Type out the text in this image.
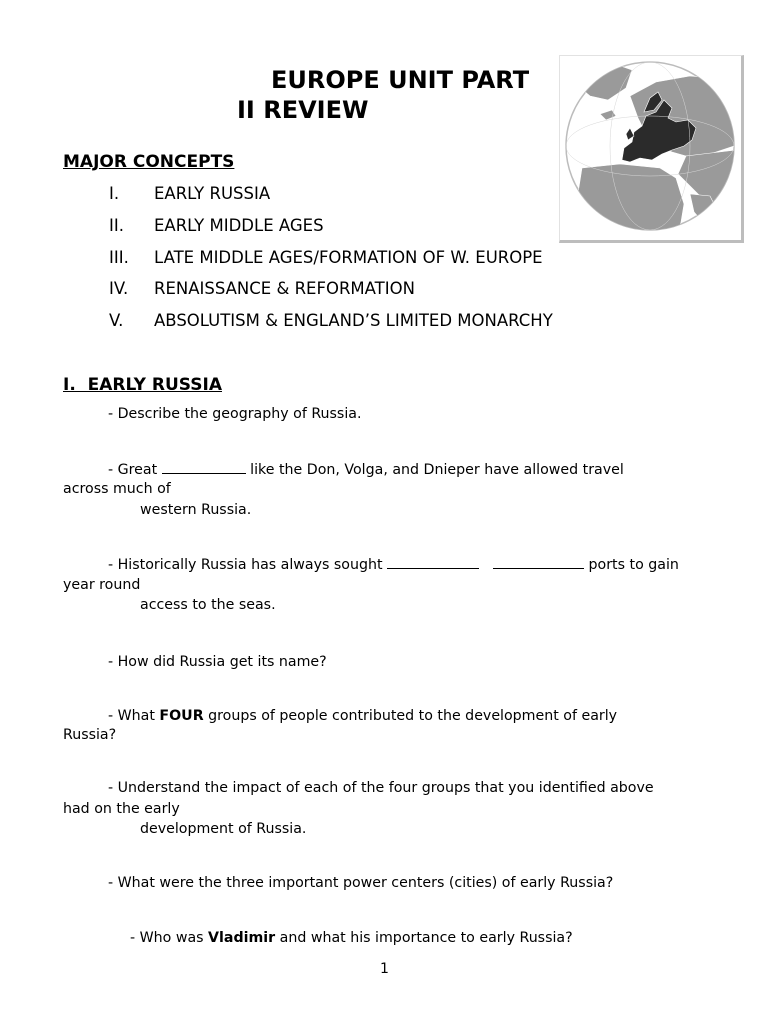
EUROPE UNIT PART
II REVIEW
MAJOR CONCEPTS
I. EARLY RUSSIA
II. EARLY MIDDLE AGES
III. LATE MIDDLE AGES/FORMATION OF W. EUROPE
IV. RENAISSANCE & REFORMATION
V. ABSOLUTISM & ENGLAND’S LIMITED MONARCHY
I.  EARLY RUSSIA
- Describe the geography of Russia.
- Great	like the Don, Volga, and Dnieper have allowed travel
across much of
western Russia.
- Historically Russia has always sought	ports to gain
year round
access to the seas.
- How did Russia get its name?
- What FOUR groups of people contributed to the development of early
Russia?
- Understand the impact of each of the four groups that you identified above
had on the early
development of Russia.
- What were the three important power centers (cities) of early Russia?
- Who was Vladimir and what his importance to early Russia?
1
